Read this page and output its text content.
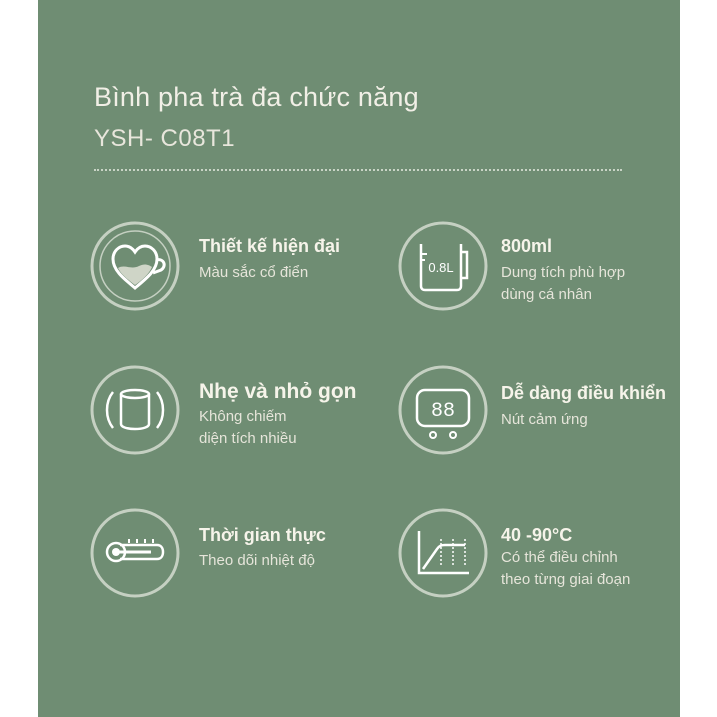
Bình pha trà đa chức năng
YSH- C08T1
Thiết kế hiện đại
Màu sắc cổ điển	0.8L
800ml
Dung tích phù hợp
dùng cá nhân
Nhẹ và nhỏ gọn
Không chiếm
diện tích nhiều
88
Dễ dàng điều khiển
Nút cảm ứng
Thời gian thực
Theo dõi nhiệt độ
40 -90°C
Có thể điều chỉnh
theo từng giai đoạn
